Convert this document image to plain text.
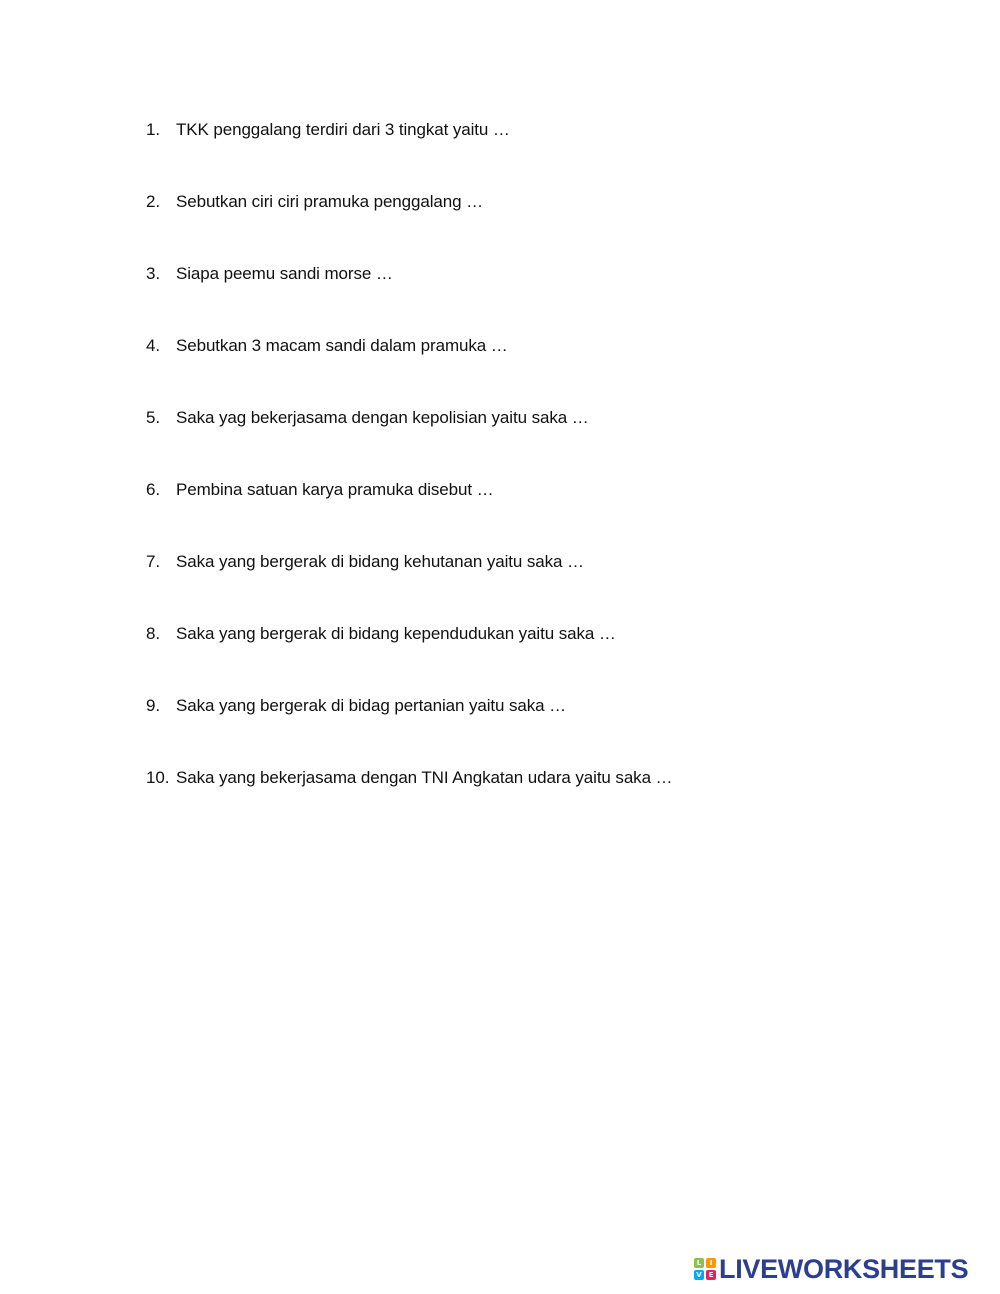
1. TKK penggalang terdiri dari 3 tingkat yaitu …
2. Sebutkan ciri ciri pramuka penggalang …
3. Siapa peemu sandi morse …
4. Sebutkan 3 macam sandi dalam pramuka …
5. Saka yag bekerjasama dengan kepolisian yaitu saka …
6. Pembina satuan karya pramuka disebut …
7. Saka yang bergerak di bidang kehutanan yaitu saka …
8. Saka yang bergerak di bidang kependudukan yaitu saka …
9. Saka yang bergerak di bidag pertanian yaitu saka …
10. Saka yang bekerjasama dengan TNI Angkatan udara yaitu saka …
L	I
V E LIVEWORKSHEETS
